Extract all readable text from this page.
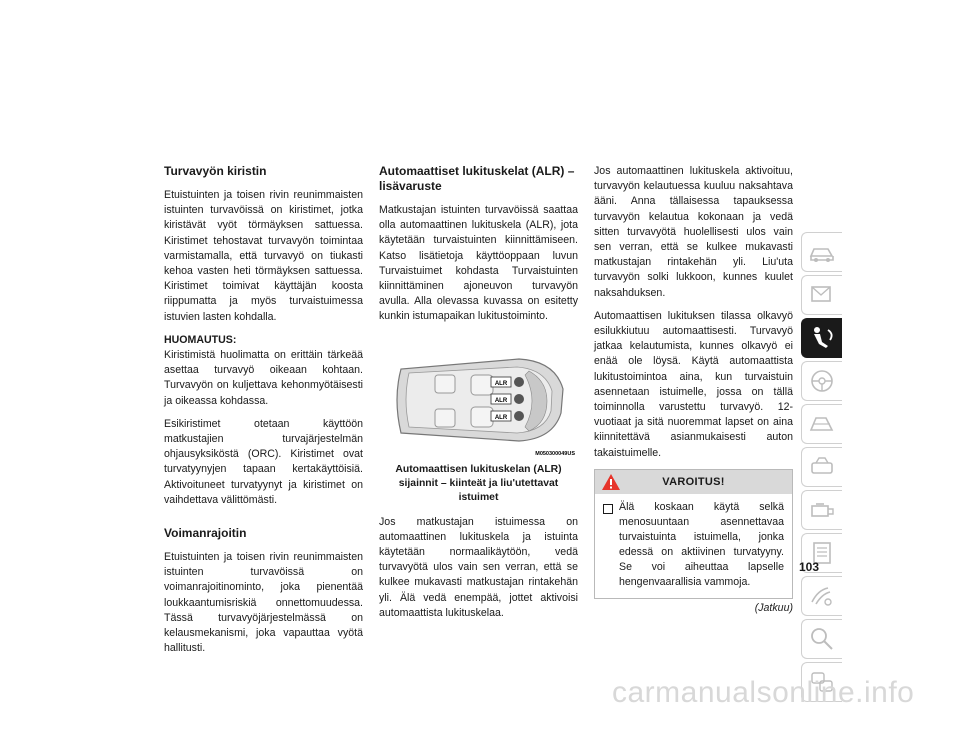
Turvavyön kiristin

Etuistuinten ja toisen rivin reunimmaisten istuinten turvavöissä on kiristimet, jotka kiristävät vyöt törmäyksen sattuessa. Kiristimet tehostavat turvavyön toimintaa varmistamalla, että turvavyö on tiukasti kehoa vasten heti törmäyksen sattuessa. Kiristimet toimivat käyttäjän koosta riippumatta ja myös turvaistuimessa istuvien lasten kohdalla.

HUOMAUTUS:
Kiristimistä huolimatta on erittäin tärkeää asettaa turvavyö oikeaan kohtaan. Turvavyön on kuljettava kehonmyötäisesti ja oikeassa kohdassa.

Esikiristimet otetaan käyttöön matkustajien turvajärjestelmän ohjausyksiköstä (ORC). Kiristimet ovat turvatyynyjen tapaan kertakäyttöisiä. Aktivoituneet turvatyynyt ja kiristimet on vaihdettava välittömästi.

Voimanrajoitin

Etuistuinten ja toisen rivin reunimmaisten istuinten turvavöissä on voimanrajoitinominto, joka pienentää loukkaantumisriskiä onnettomuudessa. Tässä turvavyöjärjestelmässä on kelausmekanismi, joka vapauttaa vyötä hallitusti.

Automaattiset lukituskelat (ALR) – lisävaruste

Matkustajan istuinten turvavöissä saattaa olla automaattinen lukituskela (ALR), jota käytetään turvaistuinten kiinnittämiseen. Katso lisätietoja käyttöoppaan luvun Turvaistuimet kohdasta Turvaistuinten kiinnittäminen ajoneuvon turvavyön avulla. Alla olevassa kuvassa on esitetty kunkin istumapaikan lukitustoiminto.

ALR
ALR
ALR
M050300049US
Automaattisen lukituskelan (ALR) sijainnit – kiinteät ja liu'utettavat istuimet

Jos matkustajan istuimessa on automaattinen lukituskela ja istuinta käytetään normaalikäytöön, vedä turvavyötä ulos vain sen verran, että se kulkee mukavasti matkustajan rintakehän yli. Älä vedä enempää, jottet aktivoisi automaattista lukituskelaa.

Jos automaattinen lukituskela aktivoituu, turvavyön kelautuessa kuuluu naksahtava ääni. Anna tällaisessa tapauksessa turvavyön kelautua kokonaan ja vedä sitten turvavyötä huolellisesti ulos vain sen verran, että se kulkee mukavasti matkustajan rintakehän yli. Liu'uta turvavyön solki lukkoon, kunnes kuulet naksahduksen.

Automaattisen lukituksen tilassa olkavyö esilukkiutuu automaattisesti. Turvavyö jatkaa kelautumista, kunnes olkavyö ei enää ole löysä. Käytä automaattista lukitustoimintoa aina, kun turvaistuin asennetaan istuimelle, jossa on tällä toiminnolla varustettu turvavyö. 12-vuotiaat ja sitä nuoremmat lapset on aina kiinnitettävä asianmukaisesti auton takaistuimelle.

VAROITUS!
Älä koskaan käytä selkä menosuuntaan asennettavaa turvaistuinta istuimella, jonka edessä on aktiivinen turvatyyny. Se voi aiheuttaa lapselle hengenvaarallisia vammoja.
(Jatkuu)
103
carmanualsonline.info
